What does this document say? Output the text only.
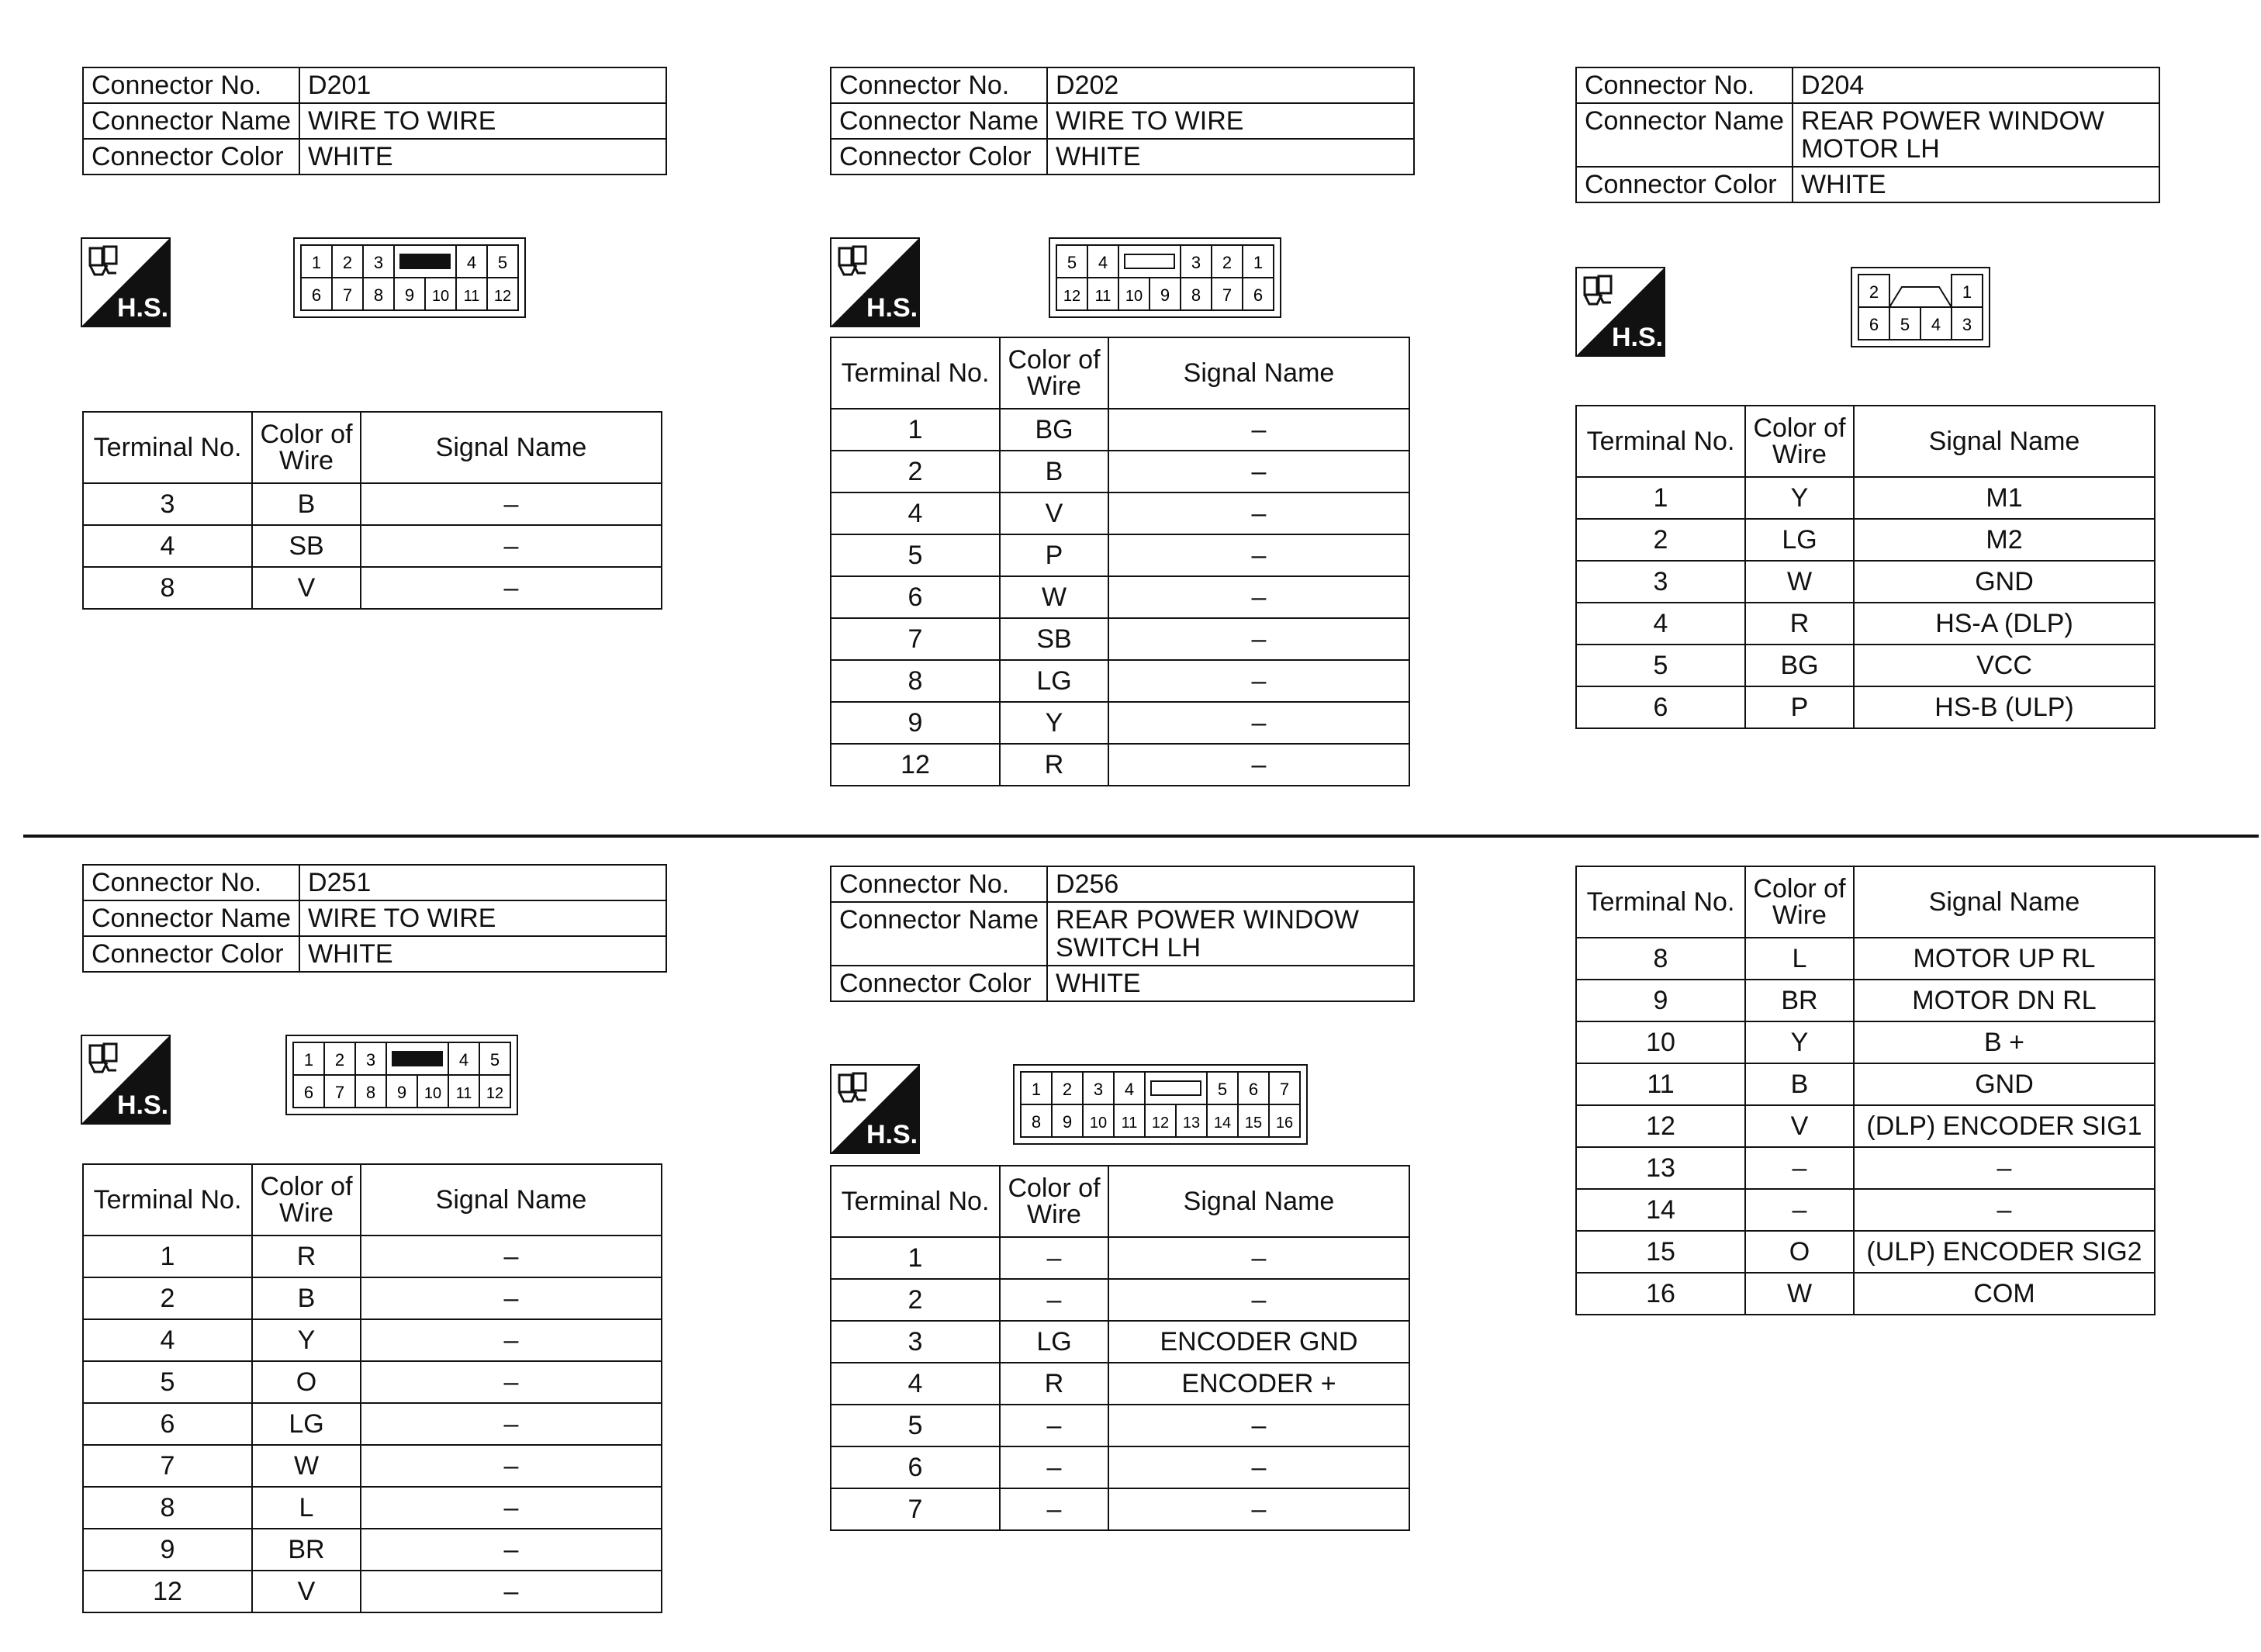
Connector No.	D201
Connector Name	WIRE TO WIRE
Connector Color	WHITE
H.S.
1 2 3	4 5
6 7 8 9 10 11 12
Terminal No.	Color of Wire	Signal Name
3	B	–
4	SB	–
8	V	–
Connector No.	D202
Connector Name	WIRE TO WIRE
Connector Color	WHITE
H.S.
5 4	3 2 1
12 11 10 9 8 7 6
Terminal No.	Color of Wire	Signal Name
1	BG	–
2	B	–
4	V	–
5	P	–
6	W	–
7	SB	–
8	LG	–
9	Y	–
12	R	–
Connector No.	D204
Connector Name	REAR POWER WINDOW MOTOR LH
Connector Color	WHITE
H.S.
2	1
6 5 4 3
Terminal No.	Color of Wire	Signal Name
1	Y	M1
2	LG	M2
3	W	GND
4	R	HS-A (DLP)
5	BG	VCC
6	P	HS-B (ULP)
Connector No.	D251
Connector Name	WIRE TO WIRE
Connector Color	WHITE
H.S.
1 2 3	4 5
6 7 8 9 10 11 12
Terminal No.	Color of Wire	Signal Name
1	R	–
2	B	–
4	Y	–
5	O	–
6	LG	–
7	W	–
8	L	–
9	BR	–
12	V	–
Connector No.	D256
Connector Name	REAR POWER WINDOW SWITCH LH
Connector Color	WHITE
H.S.
1 2 3 4	5 6 7
8 9 10 11 12 13 14 15 16
Terminal No.	Color of Wire	Signal Name
1	–	–
2	–	–
3	LG	ENCODER GND
4	R	ENCODER +
5	–	–
6	–	–
7	–	–
Terminal No.	Color of Wire	Signal Name
8	L	MOTOR UP RL
9	BR	MOTOR DN RL
10	Y	B +
11	B	GND
12	V	(DLP) ENCODER SIG1
13	–	–
14	–	–
15	O	(ULP) ENCODER SIG2
16	W	COM
